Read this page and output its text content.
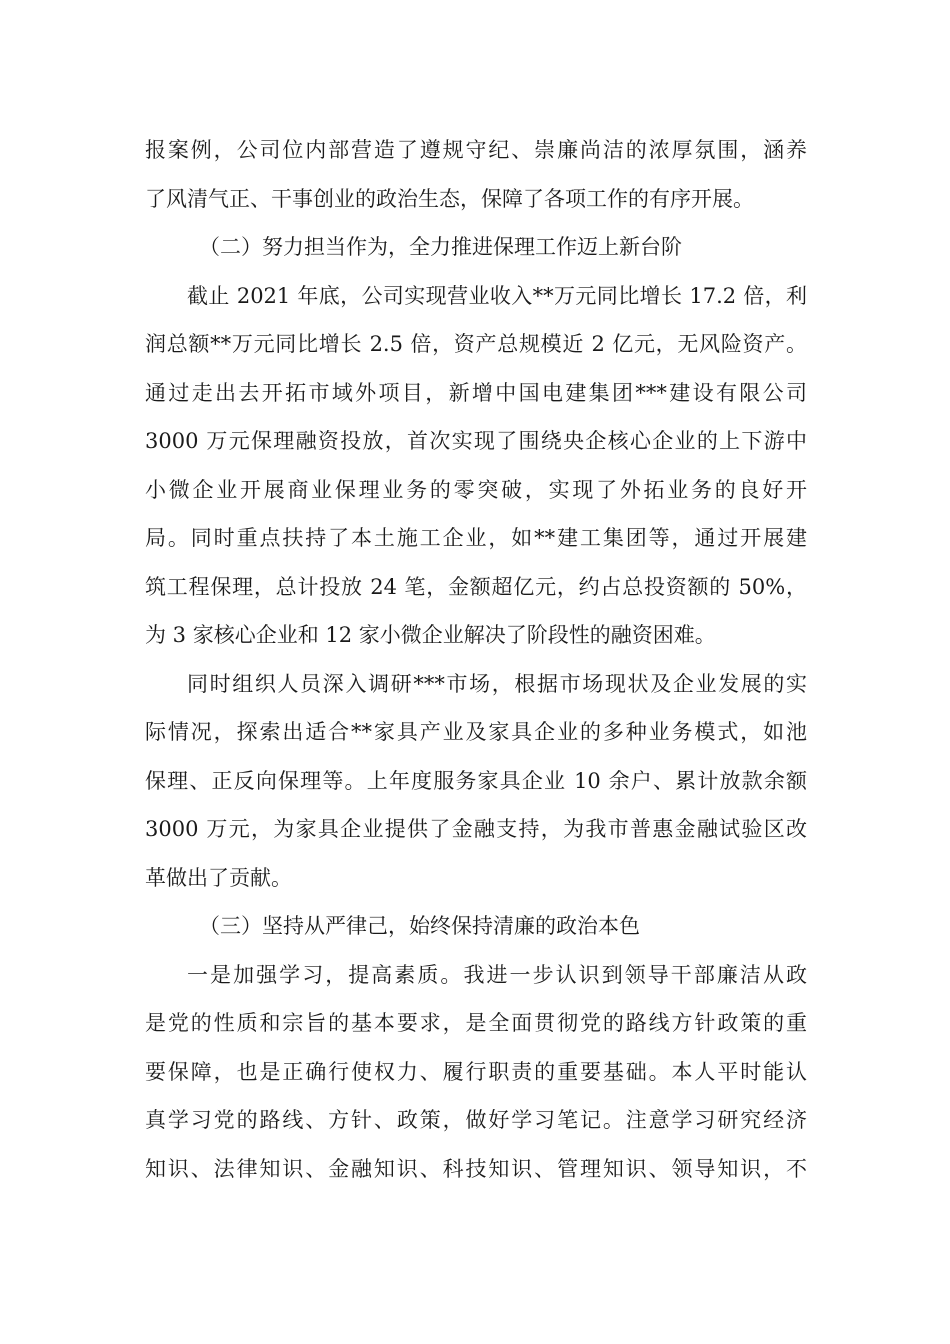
报案例，公司位内部营造了遵规守纪、崇廉尚洁的浓厚氛围，涵养
了风清气正、干事创业的政治生态，保障了各项工作的有序开展。
（二）努力担当作为，全力推进保理工作迈上新台阶
截止 2021 年底，公司实现营业收入**万元同比增长 17.2 倍，利
润总额**万元同比增长 2.5 倍，资产总规模近 2 亿元，无风险资产。
通过走出去开拓市域外项目，新增中国电建集团***建设有限公司
3000 万元保理融资投放，首次实现了围绕央企核心企业的上下游中
小微企业开展商业保理业务的零突破，实现了外拓业务的良好开
局。同时重点扶持了本土施工企业，如**建工集团等，通过开展建
筑工程保理，总计投放 24 笔，金额超亿元，约占总投资额的 50%，
为 3 家核心企业和 12 家小微企业解决了阶段性的融资困难。
同时组织人员深入调研***市场，根据市场现状及企业发展的实
际情况，探索出适合**家具产业及家具企业的多种业务模式，如池
保理、正反向保理等。上年度服务家具企业 10 余户、累计放款余额
3000 万元，为家具企业提供了金融支持，为我市普惠金融试验区改
革做出了贡献。
（三）坚持从严律己，始终保持清廉的政治本色
一是加强学习，提高素质。我进一步认识到领导干部廉洁从政
是党的性质和宗旨的基本要求，是全面贯彻党的路线方针政策的重
要保障，也是正确行使权力、履行职责的重要基础。本人平时能认
真学习党的路线、方针、政策，做好学习笔记。注意学习研究经济
知识、法律知识、金融知识、科技知识、管理知识、领导知识，不
